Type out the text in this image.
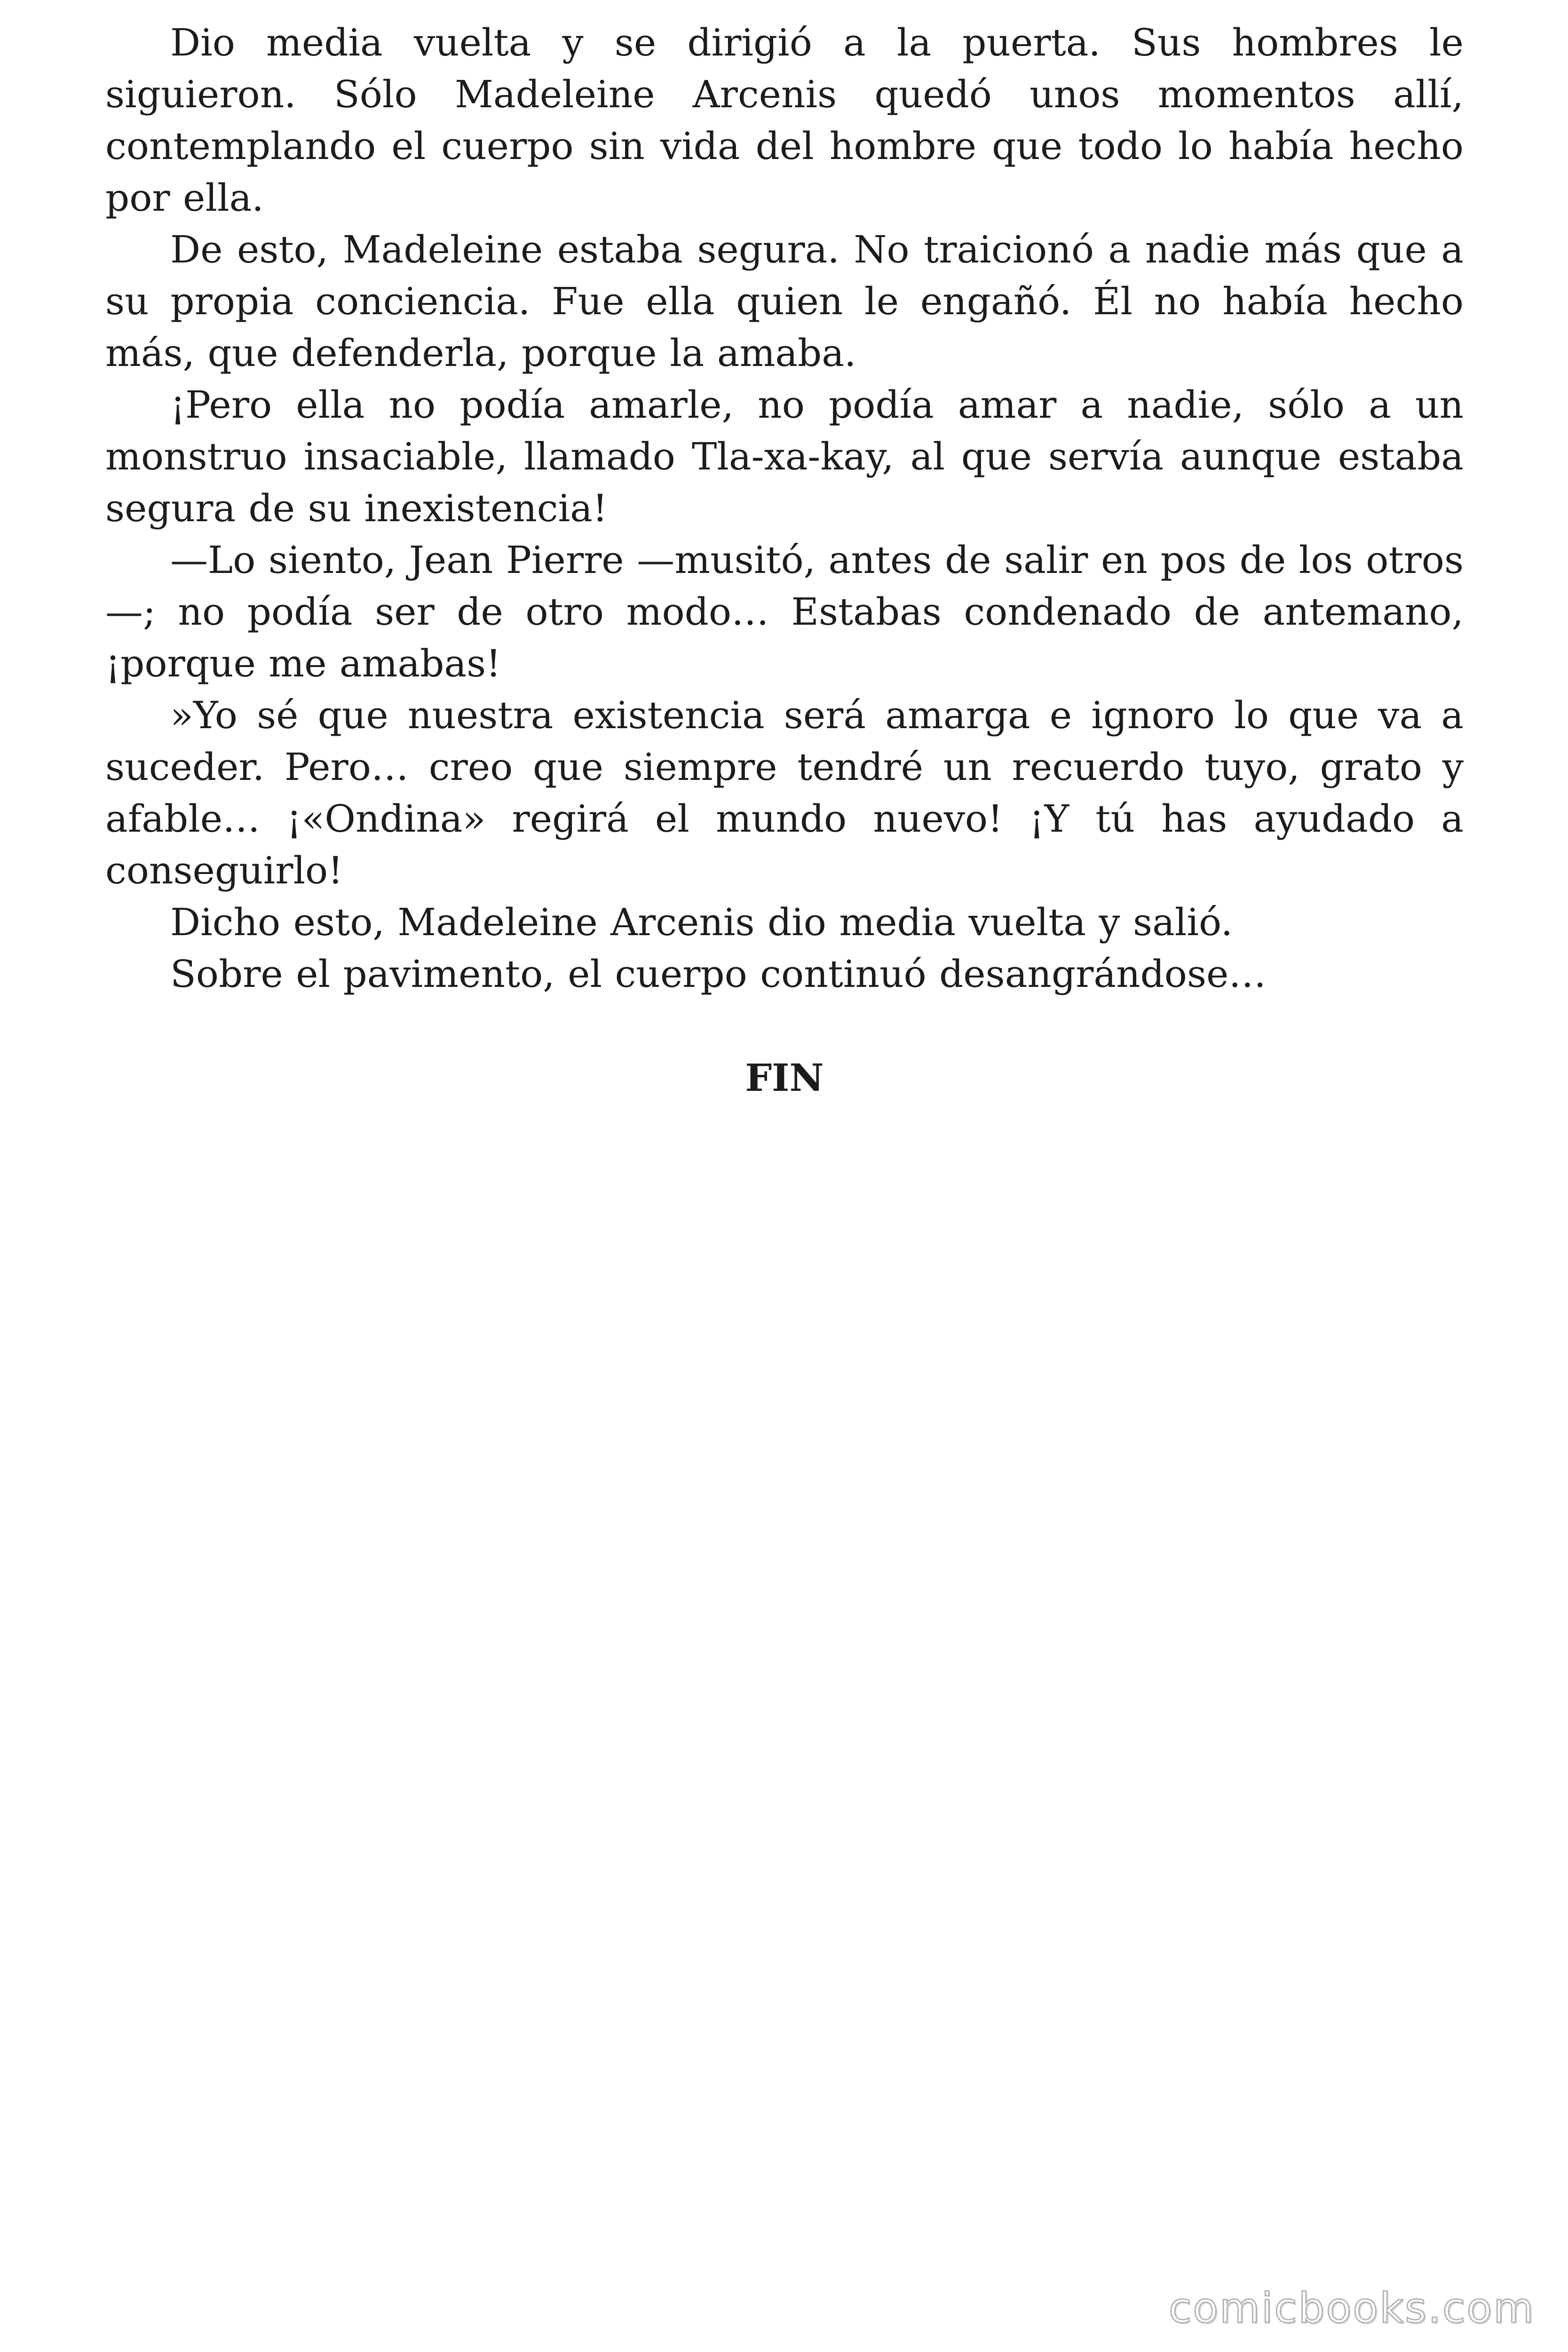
Dio media vuelta y se dirigió a la puerta. Sus hombres le siguieron. Sólo Madeleine Arcenis quedó unos momentos allí, contemplando el cuerpo sin vida del hombre que todo lo había hecho por ella.

De esto, Madeleine estaba segura. No traicionó a nadie más que a su propia conciencia. Fue ella quien le engañó. Él no había hecho más, que defenderla, porque la amaba.

¡Pero ella no podía amarle, no podía amar a nadie, sólo a un monstruo insaciable, llamado Tla-xa-kay, al que servía aunque estaba segura de su inexistencia!

—Lo siento, Jean Pierre —musitó, antes de salir en pos de los otros —; no podía ser de otro modo… Estabas condenado de antemano, ¡porque me amabas!

»Yo sé que nuestra existencia será amarga e ignoro lo que va a suceder. Pero… creo que siempre tendré un recuerdo tuyo, grato y afable… ¡«Ondina» regirá el mundo nuevo! ¡Y tú has ayudado a conseguirlo!

Dicho esto, Madeleine Arcenis dio media vuelta y salió.

Sobre el pavimento, el cuerpo continuó desangrándose…

FIN

comicbooks.com
